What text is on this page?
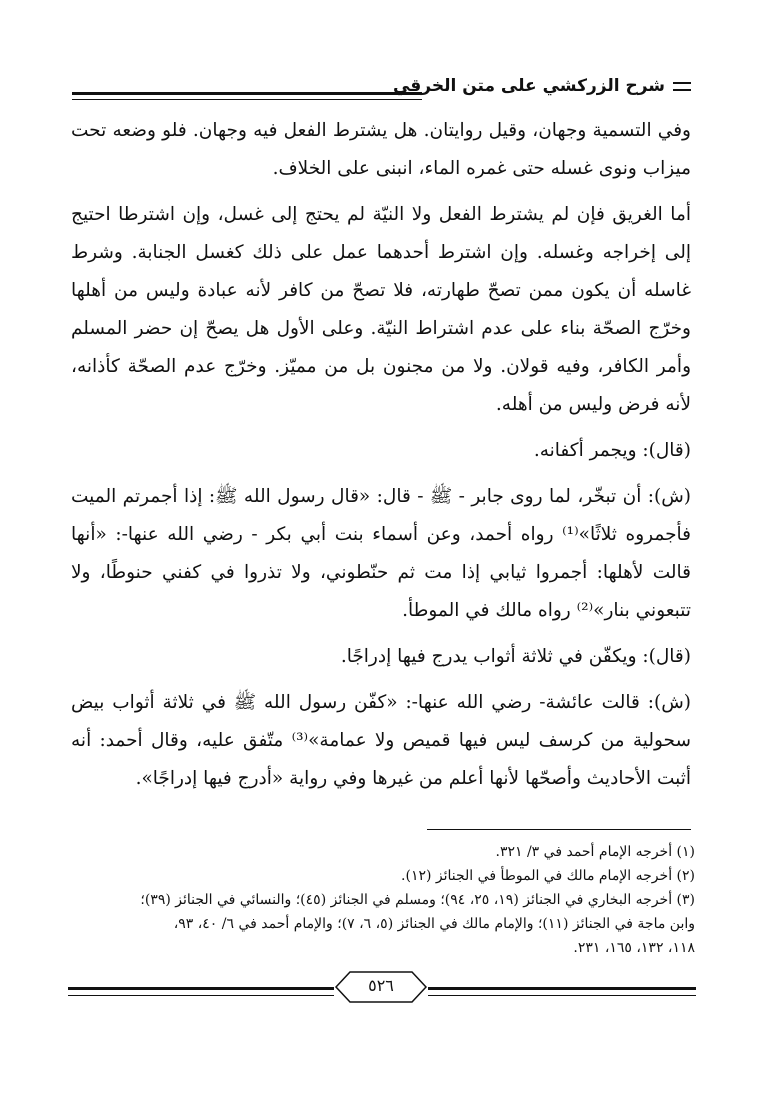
شرح الزركشي على متن الخرقي

وفي التسمية وجهان، وقيل روايتان. هل يشترط الفعل فيه وجهان. فلو وضعه تحت ميزاب ونوى غسله حتى غمره الماء، انبنى على الخلاف.

أما الغريق فإن لم يشترط الفعل ولا النيّة لم يحتج إلى غسل، وإن اشترطا احتيج إلى إخراجه وغسله. وإن اشترط أحدهما عمل على ذلك كغسل الجنابة. وشرط غاسله أن يكون ممن تصحّ طهارته، فلا تصحّ من كافر لأنه عبادة وليس من أهلها وخرّج الصحّة بناء على عدم اشتراط النيّة. وعلى الأول هل يصحّ إن حضر المسلم وأمر الكافر، وفيه قولان. ولا من مجنون بل من مميّز. وخرّج عدم الصحّة كأذانه، لأنه فرض وليس من أهله.

(قال): ويجمر أكفانه.

(ش): أن تبخّر، لما روى جابر - ﷺ - قال: «قال رسول الله ﷺ: إذا أجمرتم الميت فأجمروه ثلاثًا»⁽¹⁾ رواه أحمد، وعن أسماء بنت أبي بكر - رضي الله عنها-: «أنها قالت لأهلها: أجمروا ثيابي إذا مت ثم حنّطوني، ولا تذروا في كفني حنوطًا، ولا تتبعوني بنار»⁽²⁾ رواه مالك في الموطأ.

(قال): ويكفّن في ثلاثة أثواب يدرج فيها إدراجًا.

(ش): قالت عائشة- رضي الله عنها-: «كفّن رسول الله ﷺ في ثلاثة أثواب بيض سحولية من كرسف ليس فيها قميص ولا عمامة»⁽³⁾ متّفق عليه، وقال أحمد: أنه أثبت الأحاديث وأصحّها لأنها أعلم من غيرها وفي رواية «أدرج فيها إدراجًا».

(١) أخرجه الإمام أحمد في ٣/ ٣٢١.
(٢) أخرجه الإمام مالك في الموطأ في الجنائز (١٢).
(٣) أخرجه البخاري في الجنائز (١٩، ٢٥، ٩٤)؛ ومسلم في الجنائز (٤٥)؛ والنسائي في الجنائز (٣٩)؛
وابن ماجة في الجنائز (١١)؛ والإمام مالك في الجنائز (٥، ٦، ٧)؛ والإمام أحمد في ٦/ ٤٠، ٩٣،
١١٨، ١٣٢، ١٦٥، ٢٣١.
٥٢٦
